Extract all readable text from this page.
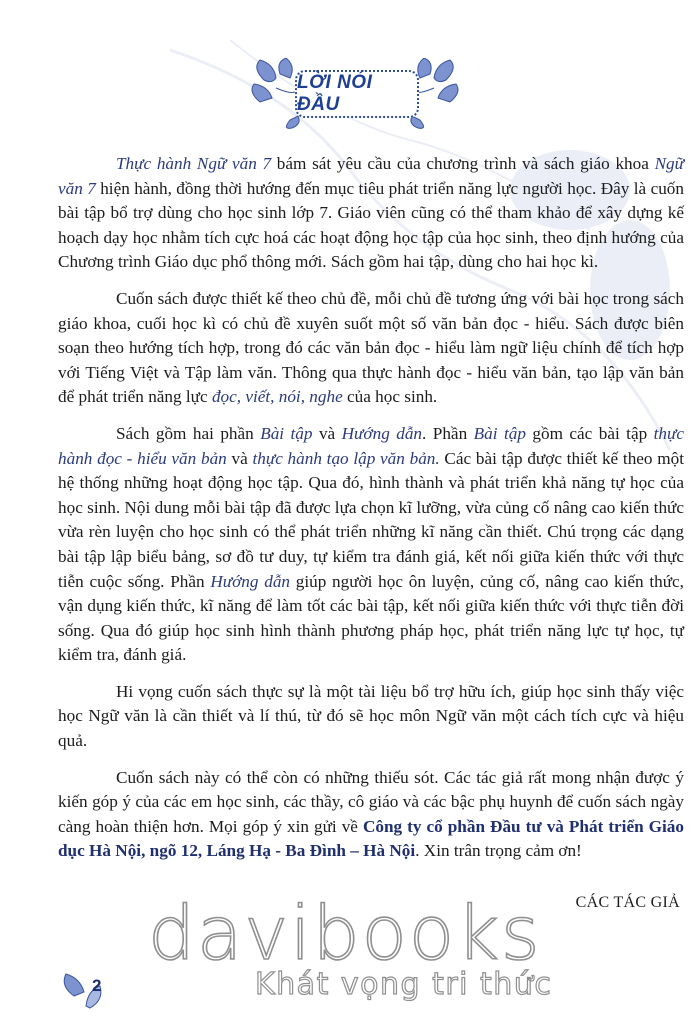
LỜI NÓI ĐẦU

Thực hành Ngữ văn 7 bám sát yêu cầu của chương trình và sách giáo khoa Ngữ văn 7 hiện hành, đồng thời hướng đến mục tiêu phát triển năng lực người học. Đây là cuốn bài tập bổ trợ dùng cho học sinh lớp 7. Giáo viên cũng có thể tham khảo để xây dựng kế hoạch dạy học nhằm tích cực hoá các hoạt động học tập của học sinh, theo định hướng của Chương trình Giáo dục phổ thông mới. Sách gồm hai tập, dùng cho hai học kì.

Cuốn sách được thiết kế theo chủ đề, mỗi chủ đề tương ứng với bài học trong sách giáo khoa, cuối học kì có chủ đề xuyên suốt một số văn bản đọc - hiểu. Sách được biên soạn theo hướng tích hợp, trong đó các văn bản đọc - hiểu làm ngữ liệu chính để tích hợp với Tiếng Việt và Tập làm văn. Thông qua thực hành đọc - hiểu văn bản, tạo lập văn bản để phát triển năng lực đọc, viết, nói, nghe của học sinh.

Sách gồm hai phần Bài tập và Hướng dẫn. Phần Bài tập gồm các bài tập thực hành đọc - hiểu văn bản và thực hành tạo lập văn bản. Các bài tập được thiết kế theo một hệ thống những hoạt động học tập. Qua đó, hình thành và phát triển khả năng tự học của học sinh. Nội dung mỗi bài tập đã được lựa chọn kĩ lưỡng, vừa củng cố nâng cao kiến thức vừa rèn luyện cho học sinh có thể phát triển những kĩ năng cần thiết. Chú trọng các dạng bài tập lập biểu bảng, sơ đồ tư duy, tự kiểm tra đánh giá, kết nối giữa kiến thức với thực tiễn cuộc sống. Phần Hướng dẫn giúp người học ôn luyện, củng cố, nâng cao kiến thức, vận dụng kiến thức, kĩ năng để làm tốt các bài tập, kết nối giữa kiến thức với thực tiễn đời sống. Qua đó giúp học sinh hình thành phương pháp học, phát triển năng lực tự học, tự kiểm tra, đánh giá.

Hi vọng cuốn sách thực sự là một tài liệu bổ trợ hữu ích, giúp học sinh thấy việc học Ngữ văn là cần thiết và lí thú, từ đó sẽ học môn Ngữ văn một cách tích cực và hiệu quả.

Cuốn sách này có thể còn có những thiếu sót. Các tác giả rất mong nhận được ý kiến góp ý của các em học sinh, các thầy, cô giáo và các bậc phụ huynh để cuốn sách ngày càng hoàn thiện hơn. Mọi góp ý xin gửi về Công ty cổ phần Đầu tư và Phát triển Giáo dục Hà Nội, ngõ 12, Láng Hạ - Ba Đình – Hà Nội. Xin trân trọng cảm ơn!

CÁC TÁC GIẢ
davibooks
Khát vọng tri thức
2
